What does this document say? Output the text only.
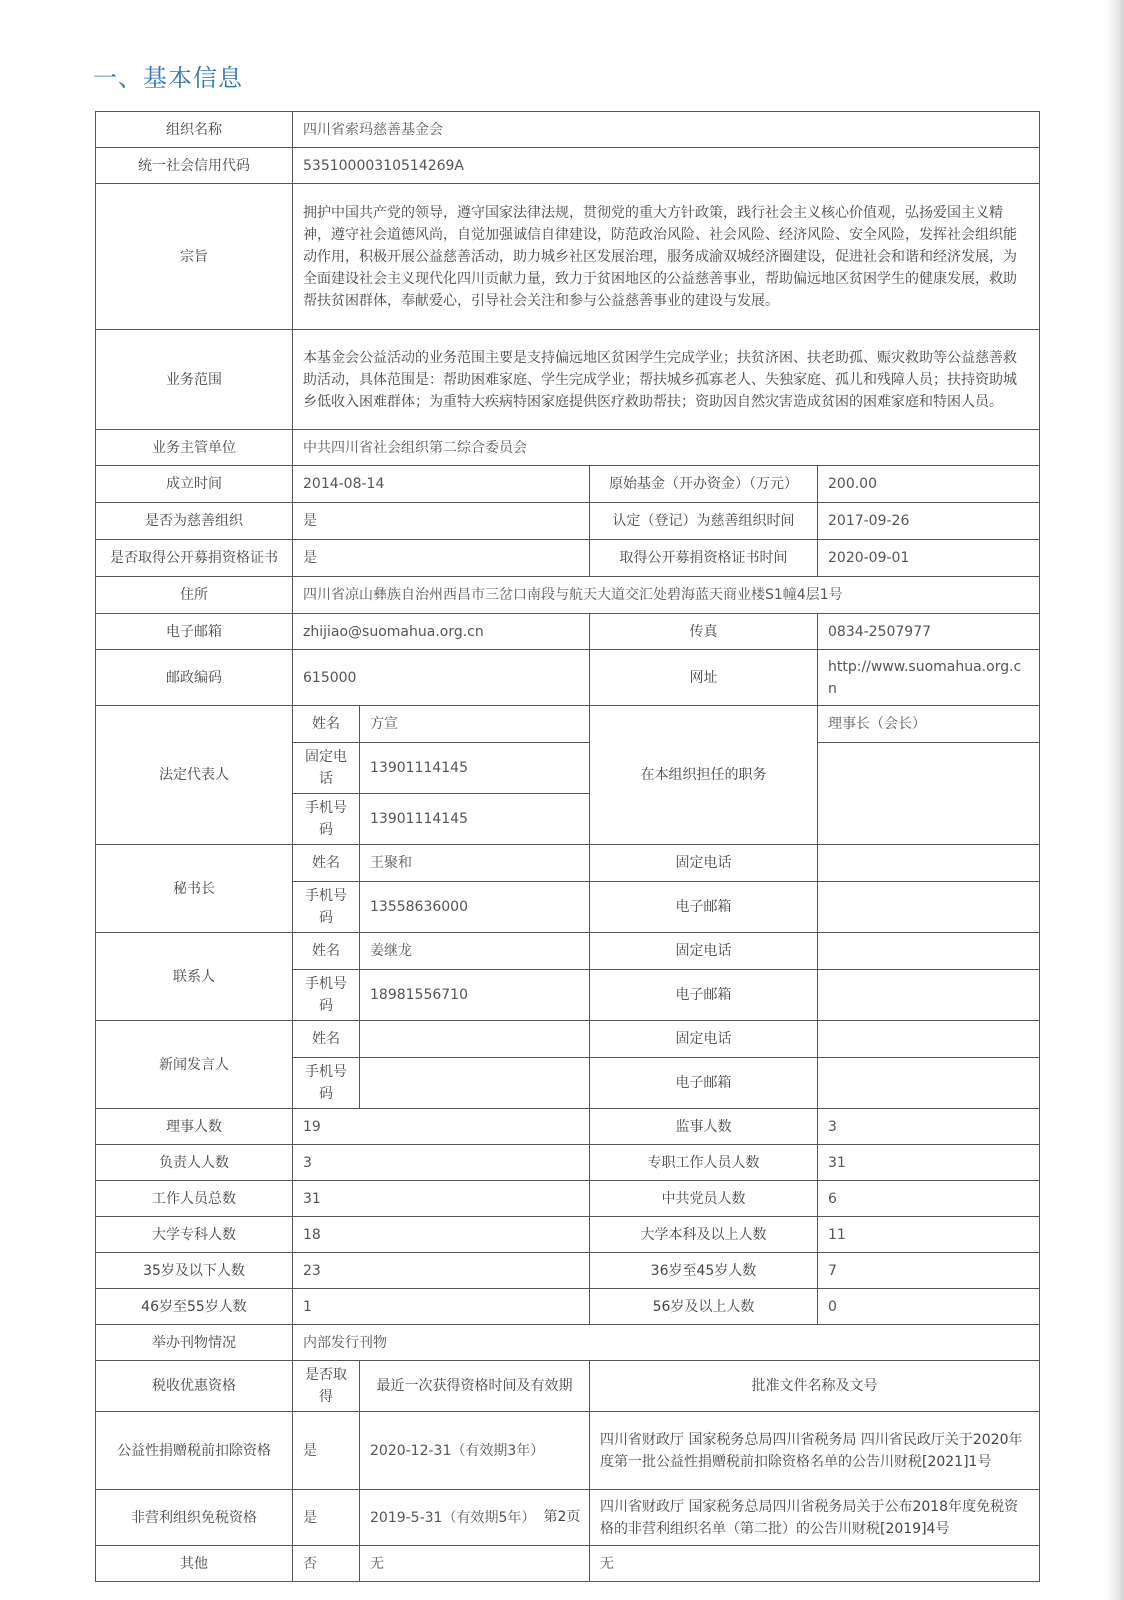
一、基本信息
组织名称	四川省索玛慈善基金会			
统一社会信用代码	53510000310514269A			
宗旨	拥护中国共产党的领导，遵守国家法律法规，贯彻党的重大方针政策，践行社会主义核心价值观，弘扬爱国主义精神，遵守社会道德风尚，自觉加强诚信自律建设，防范政治风险、社会风险、经济风险、安全风险，发挥社会组织能动作用，积极开展公益慈善活动，助力城乡社区发展治理，服务成渝双城经济圈建设，促进社会和谐和经济发展，为全面建设社会主义现代化四川贡献力量，致力于贫困地区的公益慈善事业，帮助偏远地区贫困学生的健康发展，救助帮扶贫困群体，奉献爱心，引导社会关注和参与公益慈善事业的建设与发展。			
业务范围	本基金会公益活动的业务范围主要是支持偏远地区贫困学生完成学业；扶贫济困、扶老助孤、赈灾救助等公益慈善救助活动，具体范围是：帮助困难家庭、学生完成学业；帮扶城乡孤寡老人、失独家庭、孤儿和残障人员；扶持资助城乡低收入困难群体；为重特大疾病特困家庭提供医疗救助帮扶；资助因自然灾害造成贫困的困难家庭和特困人员。			
业务主管单位	中共四川省社会组织第二综合委员会			
成立时间	2014-08-14		原始基金（开办资金）（万元）	200.00
是否为慈善组织	是		认定（登记）为慈善组织时间	2017-09-26
是否取得公开募捐资格证书	是		取得公开募捐资格证书时间	2020-09-01
住所	四川省凉山彝族自治州西昌市三岔口南段与航天大道交汇处碧海蓝天商业楼S1幢4层1号			
电子邮箱	zhijiao@suomahua.org.cn		传真	0834-2507977
邮政编码	615000		网址	http://www.suomahua.org.cn
法定代表人	姓名	方宣	在本组织担任的职务	理事长（会长）
	固定电话	13901114145		
	手机号码	13901114145		
秘书长	姓名	王聚和	固定电话	
	手机号码	13558636000	电子邮箱	
联系人	姓名	姜继龙	固定电话	
	手机号码	18981556710	电子邮箱	
新闻发言人	姓名		固定电话	
	手机号码		电子邮箱	
理事人数	19		监事人数	3
负责人人数	3		专职工作人员人数	31
工作人员总数	31		中共党员人数	6
大学专科人数	18		大学本科及以上人数	11
35岁及以下人数	23		36岁至45岁人数	7
46岁至55岁人数	1		56岁及以上人数	0
举办刊物情况	内部发行刊物			
税收优惠资格	是否取得	最近一次获得资格时间及有效期	批准文件名称及文号	
公益性捐赠税前扣除资格	是	2020-12-31（有效期3年）	四川省财政厅 国家税务总局四川省税务局 四川省民政厅关于2020年度第一批公益性捐赠税前扣除资格名单的公告川财税[2021]1号	
非营利组织免税资格	是	2019-5-31（有效期5年）	四川省财政厅 国家税务总局四川省税务局关于公布2018年度免税资格的非营利组织名单（第二批）的公告川财税[2019]4号	
其他	否	无	无	
第2页
